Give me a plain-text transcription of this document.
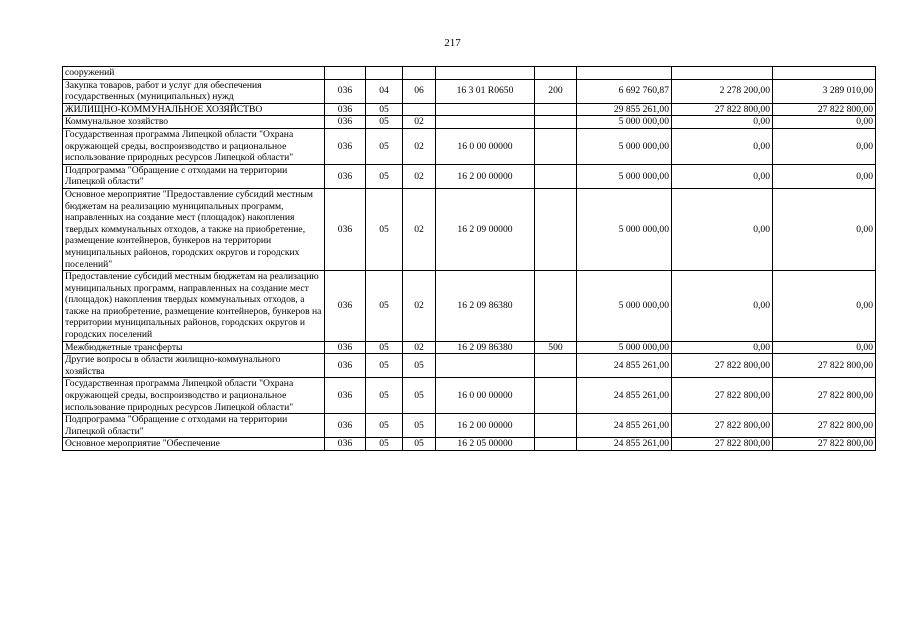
217
сооружений								
Закупка товаров, работ и услуг для обеспечения государственных (муниципальных) нужд	036	04	06	16 3 01 R0650	200	6 692 760,87	2 278 200,00	3 289 010,00
ЖИЛИЩНО-КОММУНАЛЬНОЕ ХОЗЯЙСТВО	036	05				29 855 261,00	27 822 800,00	27 822 800,00
Коммунальное хозяйство	036	05	02			5 000 000,00	0,00	0,00
Государственная программа Липецкой области "Охрана окружающей среды, воспроизводство и рациональное использование природных ресурсов Липецкой области"	036	05	02	16 0 00 00000		5 000 000,00	0,00	0,00
Подпрограмма "Обращение с отходами на территории Липецкой области"	036	05	02	16 2 00 00000		5 000 000,00	0,00	0,00
Основное мероприятие "Предоставление субсидий местным бюджетам на реализацию муниципальных программ, направленных на создание мест (площадок) накопления твердых коммунальных отходов, а также на приобретение, размещение контейнеров, бункеров на территории муниципальных районов, городских округов и городских поселений"	036	05	02	16 2 09 00000		5 000 000,00	0,00	0,00
Предоставление субсидий местным бюджетам на реализацию муниципальных программ, направленных на создание мест (площадок) накопления твердых коммунальных отходов, а также на приобретение, размещение контейнеров, бункеров на территории муниципальных районов, городских округов и городских поселений	036	05	02	16 2 09 86380		5 000 000,00	0,00	0,00
Межбюджетные трансферты	036	05	02	16 2 09 86380	500	5 000 000,00	0,00	0,00
Другие вопросы в области жилищно-коммунального хозяйства	036	05	05			24 855 261,00	27 822 800,00	27 822 800,00
Государственная программа Липецкой области "Охрана окружающей среды, воспроизводство и рациональное использование природных ресурсов Липецкой области"	036	05	05	16 0 00 00000		24 855 261,00	27 822 800,00	27 822 800,00
Подпрограмма "Обращение с отходами на территории Липецкой области"	036	05	05	16 2 00 00000		24 855 261,00	27 822 800,00	27 822 800,00
Основное мероприятие "Обеспечение	036	05	05	16 2 05 00000		24 855 261,00	27 822 800,00	27 822 800,00
